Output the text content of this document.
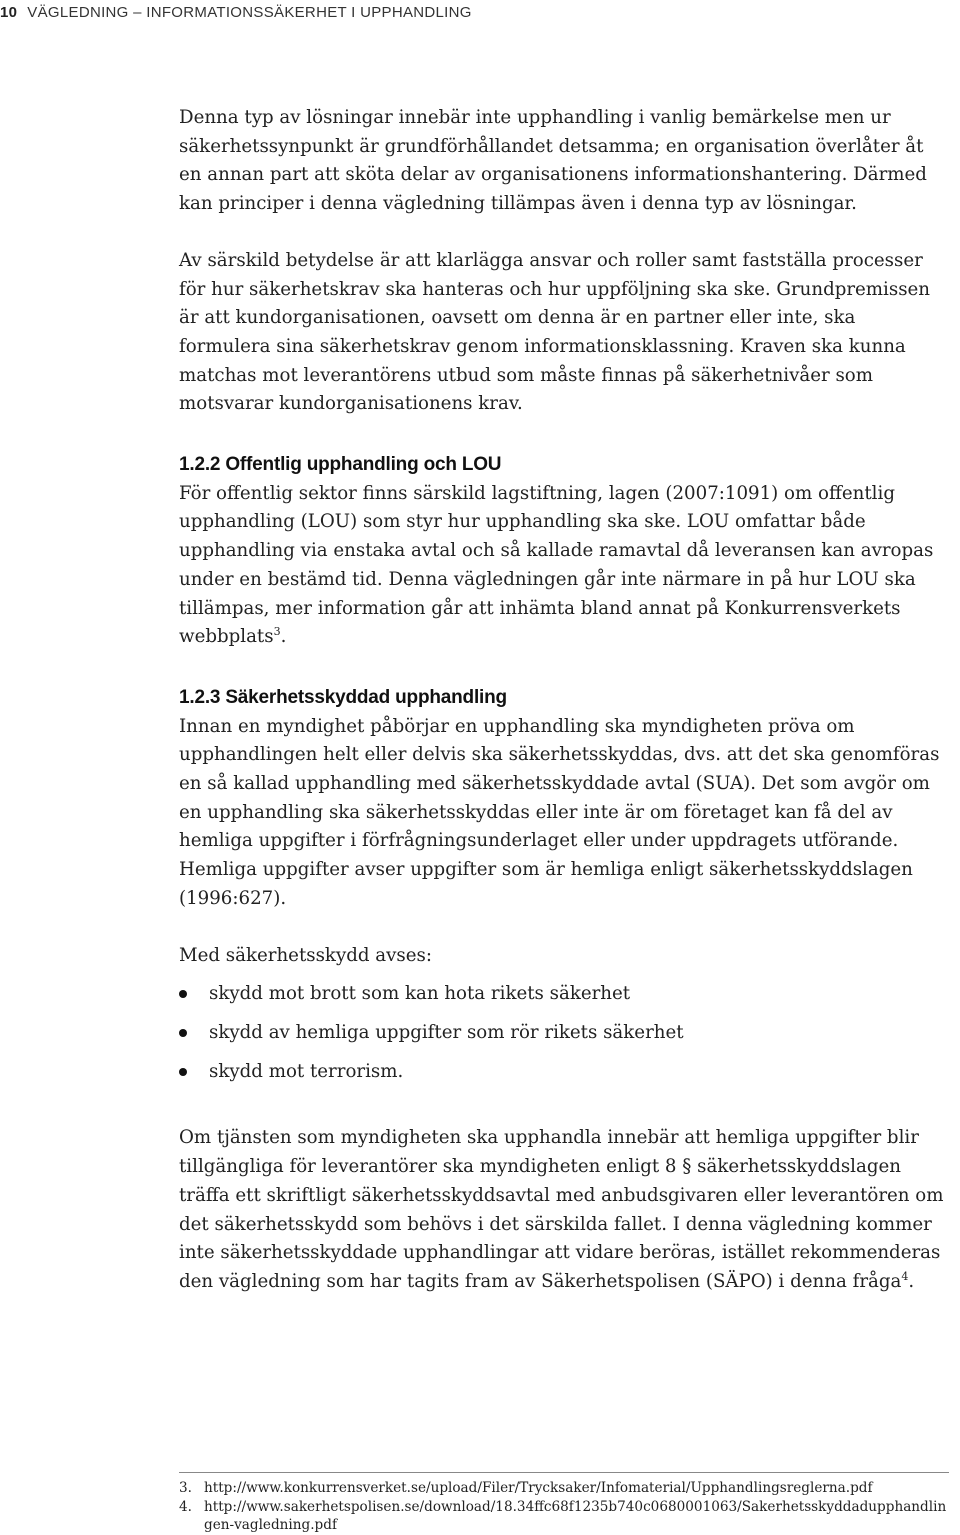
10 VÄGLEDNING – INFORMATIONSSÄKERHET I UPPHANDLING

Denna typ av lösningar innebär inte upphandling i vanlig bemärkelse men ur säkerhetssynpunkt är grundförhållandet detsamma; en organisation överlåter åt en annan part att sköta delar av organisationens informationshantering. Därmed kan principer i denna vägledning tillämpas även i denna typ av lösningar.

Av särskild betydelse är att klarlägga ansvar och roller samt fastställa processer för hur säkerhetskrav ska hanteras och hur uppföljning ska ske. Grundpremissen är att kundorganisationen, oavsett om denna är en partner eller inte, ska formulera sina säkerhetskrav genom informationsklassning. Kraven ska kunna matchas mot leverantörens utbud som måste finnas på säkerhetnivåer som motsvarar kundorganisationens krav.

1.2.2 Offentlig upphandling och LOU

För offentlig sektor finns särskild lagstiftning, lagen (2007:1091) om offentlig upphandling (LOU) som styr hur upphandling ska ske. LOU omfattar både upphandling via enstaka avtal och så kallade ramavtal då leveransen kan avropas under en bestämd tid. Denna vägledningen går inte närmare in på hur LOU ska tillämpas, mer information går att inhämta bland annat på Konkurrensverkets webbplats$^3$.

1.2.3 Säkerhetsskyddad upphandling

Innan en myndighet påbörjar en upphandling ska myndigheten pröva om upphandlingen helt eller delvis ska säkerhetsskyddas, dvs. att det ska genomföras en så kallad upphandling med säkerhetsskyddade avtal (SUA). Det som avgör om en upphandling ska säkerhetsskyddas eller inte är om företaget kan få del av hemliga uppgifter i förfrågningsunderlaget eller under uppdragets utförande. Hemliga uppgifter avser uppgifter som är hemliga enligt säkerhetsskyddslagen (1996:627).

Med säkerhetsskydd avses:

skydd mot brott som kan hota rikets säkerhet
skydd av hemliga uppgifter som rör rikets säkerhet
skydd mot terrorism.

Om tjänsten som myndigheten ska upphandla innebär att hemliga uppgifter blir tillgängliga för leverantörer ska myndigheten enligt 8 § säkerhetsskyddslagen träffa ett skriftligt säkerhetsskyddsavtal med anbudsgivaren eller leverantören om det säkerhetsskydd som behövs i det särskilda fallet. I denna vägledning kommer inte säkerhetsskyddade upphandlingar att vidare beröras, istället rekommenderas den vägledning som har tagits fram av Säkerhetspolisen (SÄPO) i denna fråga$^4$.

3. http://www.konkurrensverket.se/upload/Filer/Trycksaker/Infomaterial/Upphandlingsreglerna.pdf
4. http://www.sakerhetspolisen.se/download/18.34ffc68f1235b740c0680001063/Sakerhetsskyddadupphandlingen-vagledning.pdf
